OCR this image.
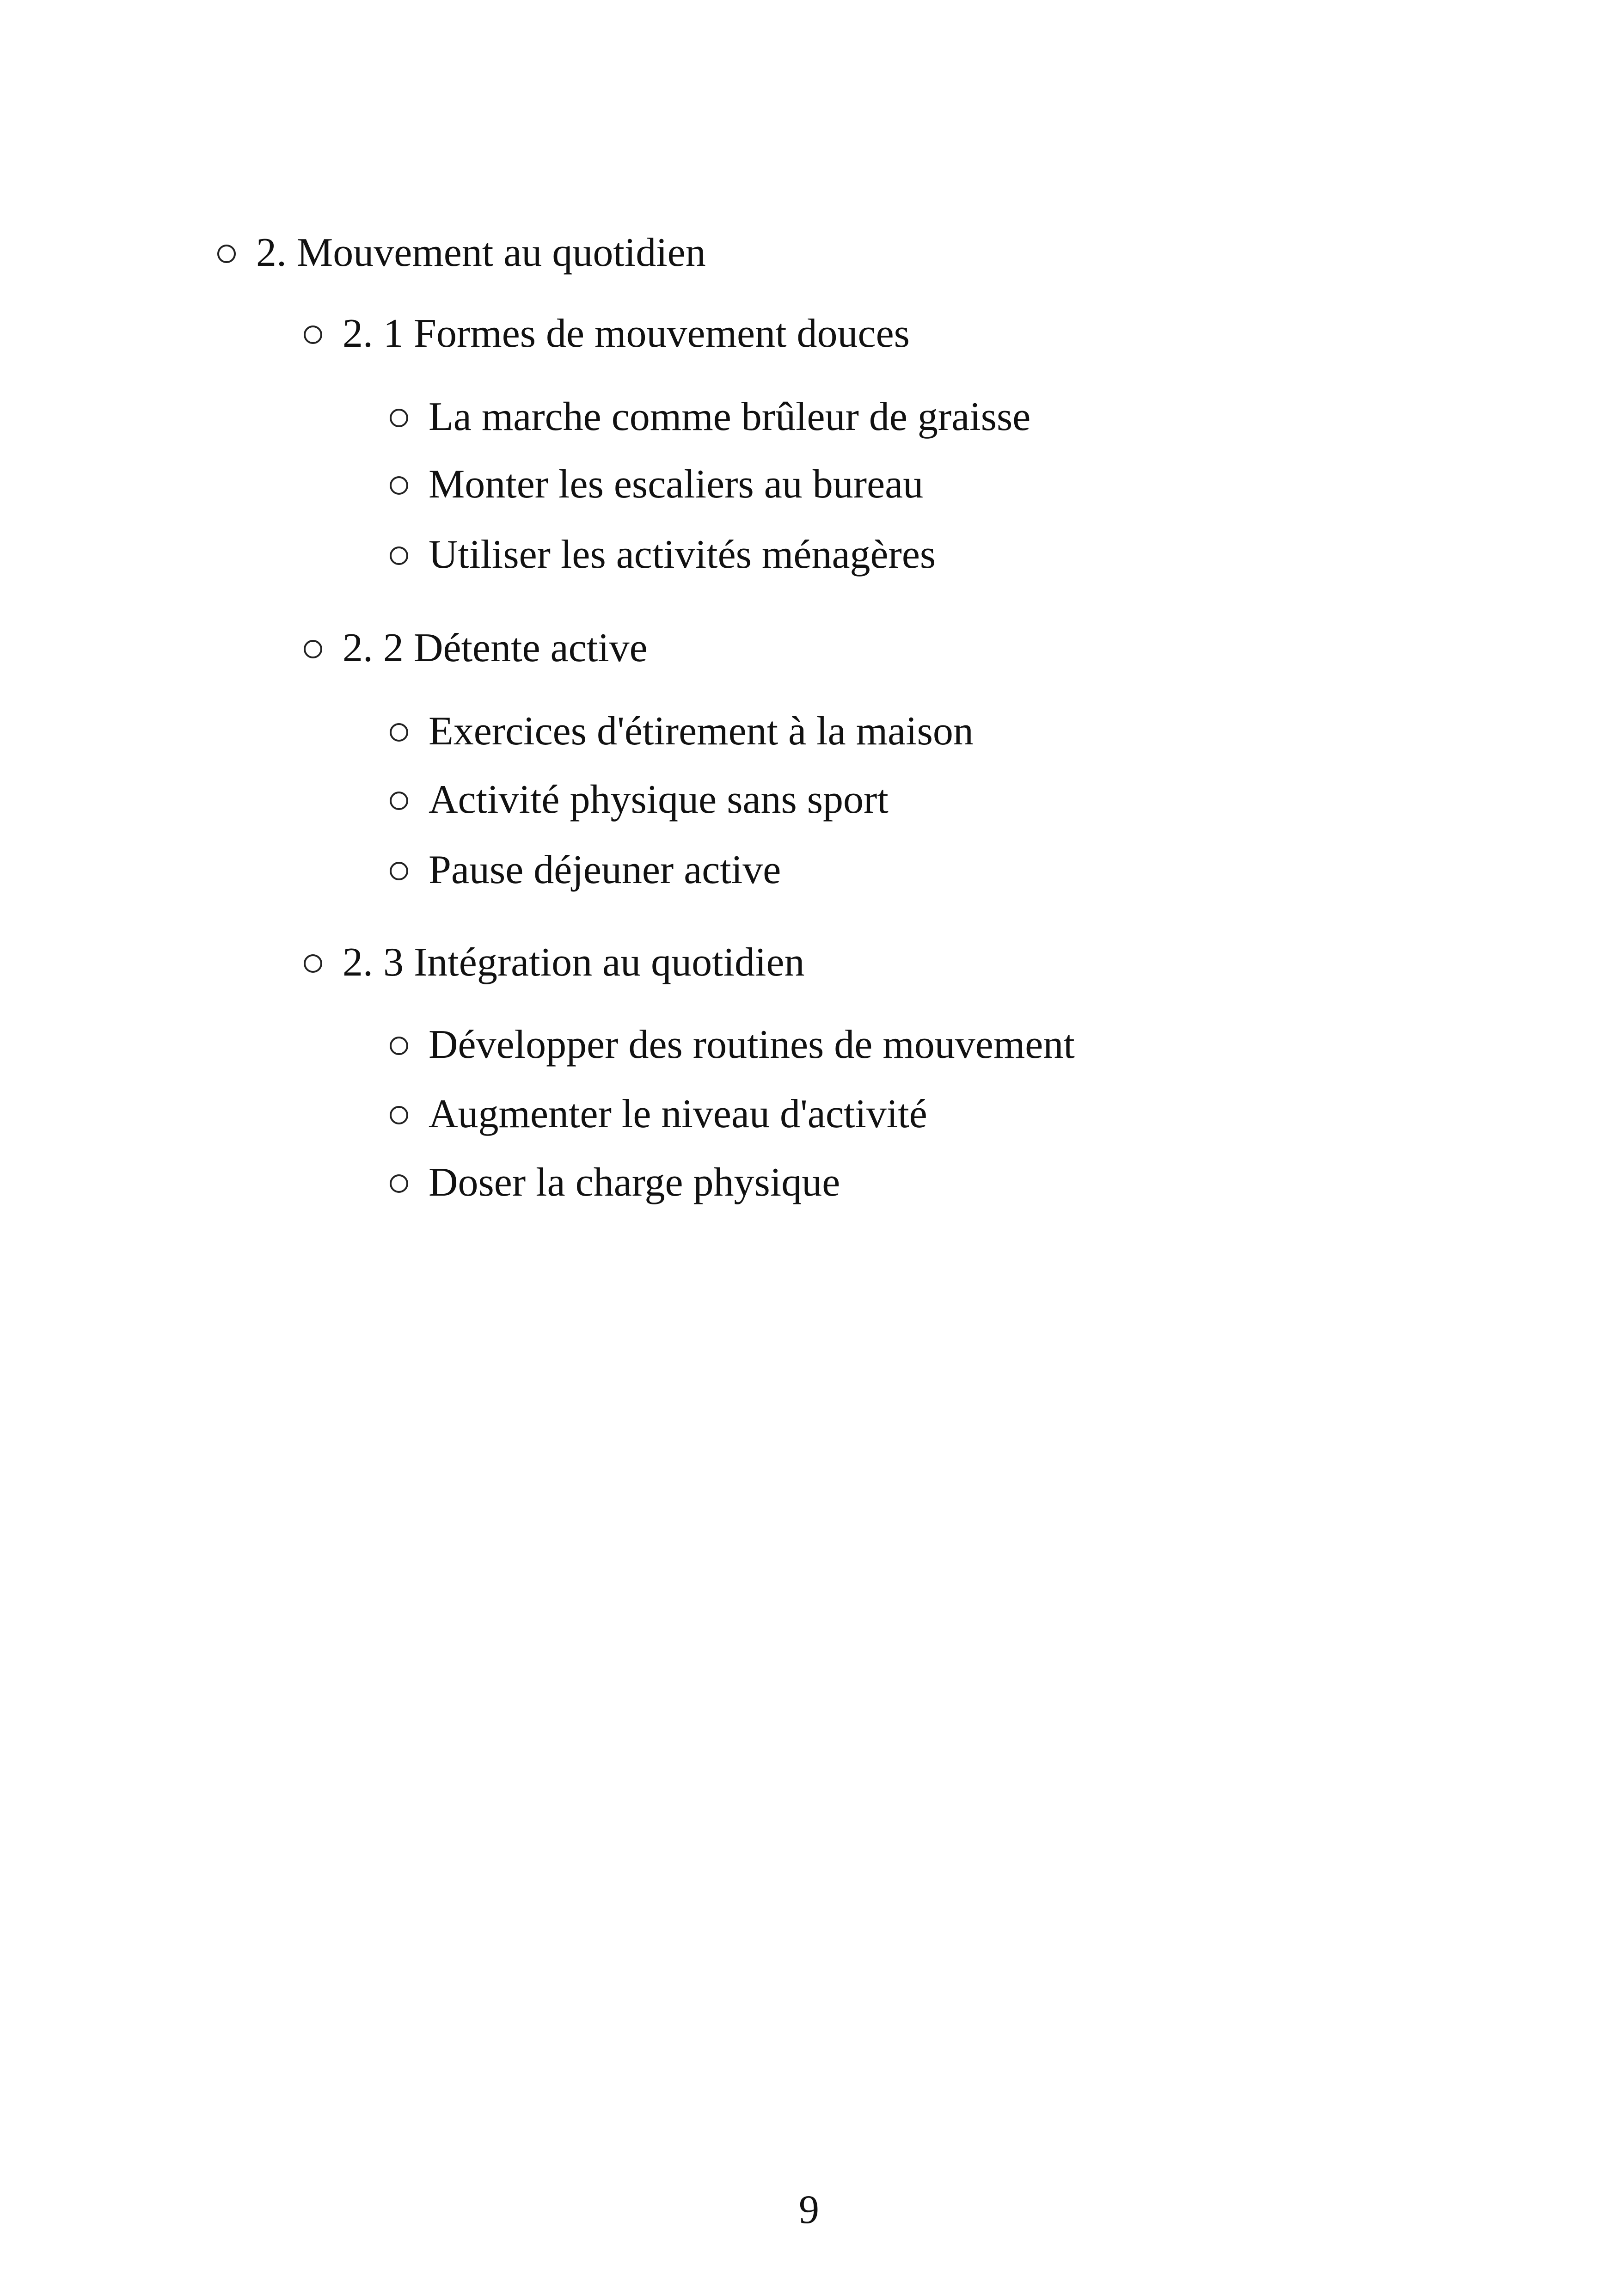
2. Mouvement au quotidien
2. 1 Formes de mouvement douces
La marche comme brûleur de graisse
Monter les escaliers au bureau
Utiliser les activités ménagères
2. 2 Détente active
Exercices d'étirement à la maison
Activité physique sans sport
Pause déjeuner active
2. 3 Intégration au quotidien
Développer des routines de mouvement
Augmenter le niveau d'activité
Doser la charge physique
9
